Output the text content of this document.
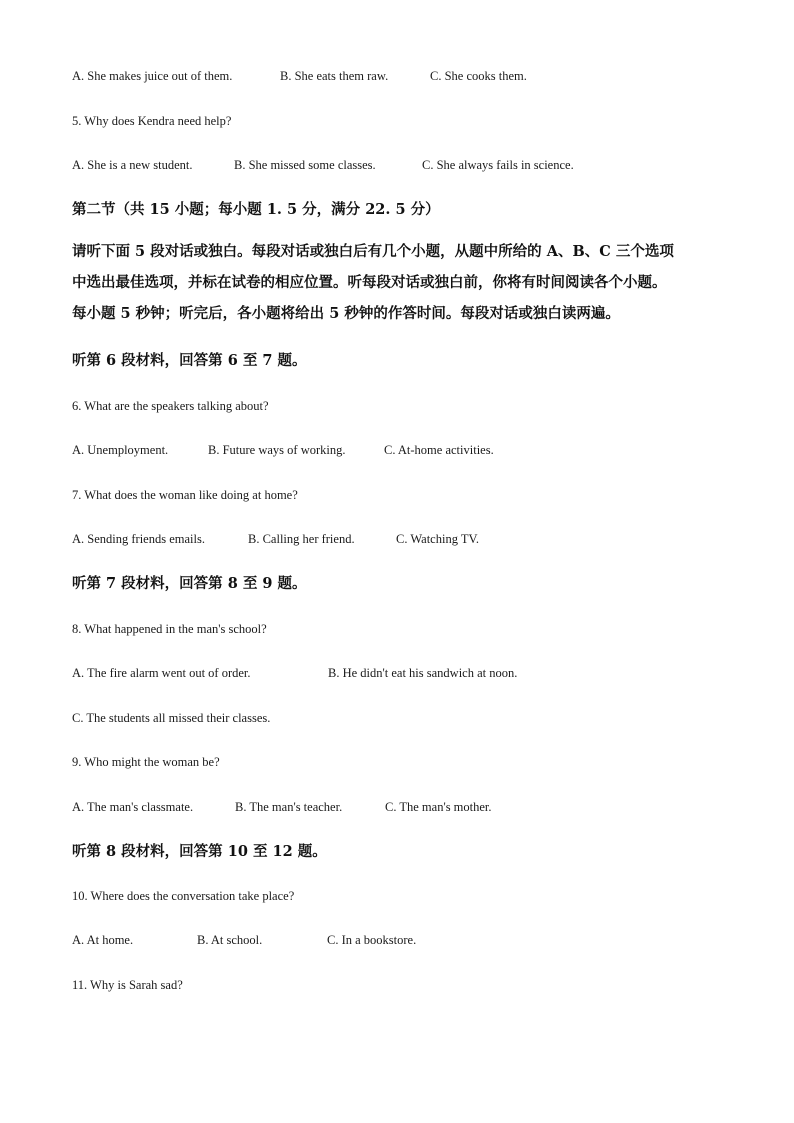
A. She makes juice out of them.	B. She eats them raw.	C. She cooks them.
5. Why does Kendra need help?
A. She is a new student.	B. She missed some classes.	C. She always fails in science.
第二节（共 15 小题；每小题 1. 5 分，满分 22. 5 分）
请听下面 5 段对话或独白。每段对话或独白后有几个小题，从题中所给的 A、B、C 三个选项
中选出最佳选项，并标在试卷的相应位置。听每段对话或独白前，你将有时间阅读各个小题。
每小题 5 秒钟；听完后，各小题将给出 5 秒钟的作答时间。每段对话或独白读两遍。
听第 6 段材料，回答第 6 至 7 题。
6. What are the speakers talking about?
A. Unemployment.	B. Future ways of working.	C. At-home activities.
7. What does the woman like doing at home?
A. Sending friends emails.	B. Calling her friend.	C. Watching TV.
听第 7 段材料，回答第 8 至 9 题。
8. What happened in the man's school?
A. The fire alarm went out of order.	B. He didn't eat his sandwich at noon.
C. The students all missed their classes.
9. Who might the woman be?
A. The man's classmate.	B. The man's teacher.	C. The man's mother.
听第 8 段材料，回答第 10 至 12 题。
10. Where does the conversation take place?
A. At home.	B. At school.	C. In a bookstore.
11. Why is Sarah sad?
